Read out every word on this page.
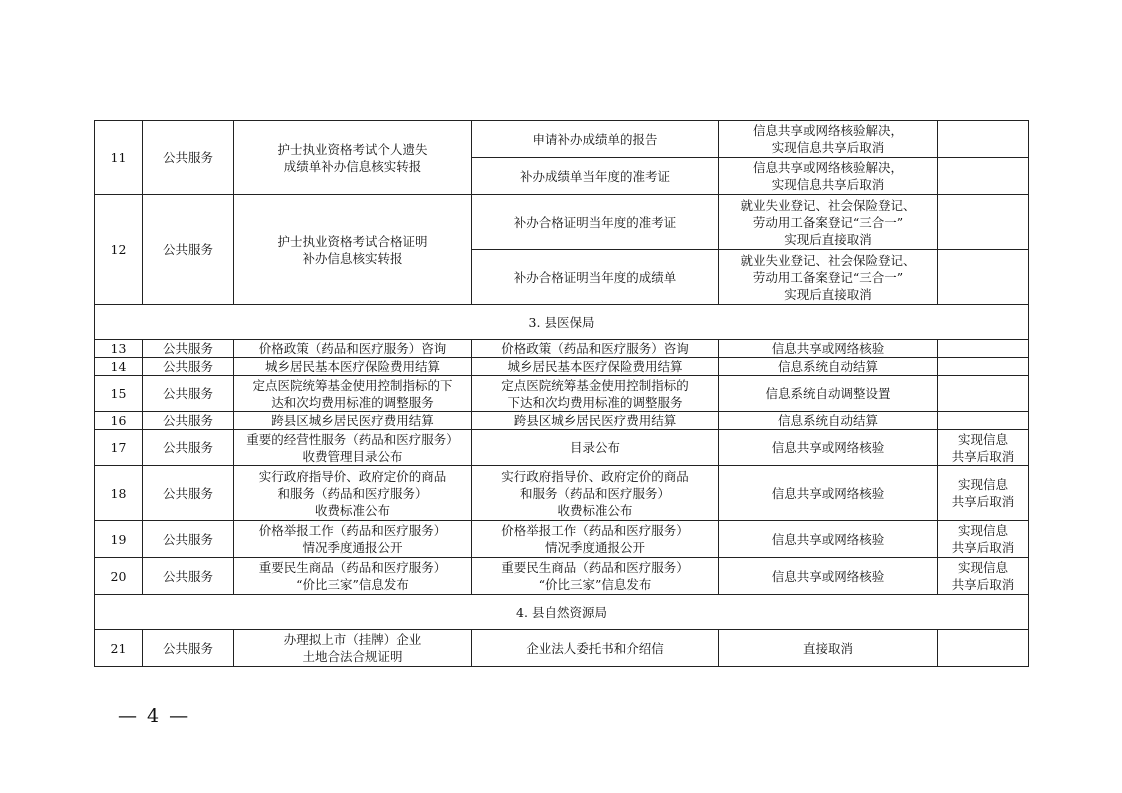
11	公共服务	护士执业资格考试个人遗失
成绩单补办信息核实转报	申请补办成绩单的报告	信息共享或网络核验解决，
实现信息共享后取消	

			补办成绩单当年度的准考证	信息共享或网络核验解决，
实现信息共享后取消	

12	公共服务	护士执业资格考试合格证明
补办信息核实转报	补办合格证明当年度的准考证	就业失业登记、社会保险登记、
劳动用工备案登记“三合一”
实现后直接取消	

			补办合格证明当年度的成绩单	就业失业登记、社会保险登记、
劳动用工备案登记“三合一”
实现后直接取消	

3. 县医保局					
13	公共服务	价格政策（药品和医疗服务）咨询	价格政策（药品和医疗服务）咨询	信息共享或网络核验	
14	公共服务	城乡居民基本医疗保险费用结算	城乡居民基本医疗保险费用结算	信息系统自动结算	
15	公共服务	定点医院统筹基金使用控制指标的下
达和次均费用标准的调整服务	定点医院统筹基金使用控制指标的
下达和次均费用标准的调整服务	信息系统自动调整设置	
16	公共服务	跨县区城乡居民医疗费用结算	跨县区城乡居民医疗费用结算	信息系统自动结算	
17	公共服务	重要的经营性服务（药品和医疗服务）
收费管理目录公布	目录公布	信息共享或网络核验	实现信息
共享后取消

18	公共服务	实行政府指导价、政府定价的商品
和服务（药品和医疗服务）
收费标准公布	实行政府指导价、政府定价的商品
和服务（药品和医疗服务）
收费标准公布	信息共享或网络核验	实现信息
共享后取消

19	公共服务	价格举报工作（药品和医疗服务）
情况季度通报公开	价格举报工作（药品和医疗服务）
情况季度通报公开	信息共享或网络核验	实现信息
共享后取消

20	公共服务	重要民生商品（药品和医疗服务）
“价比三家”信息发布	重要民生商品（药品和医疗服务）
“价比三家”信息发布	信息共享或网络核验	实现信息
共享后取消

4. 县自然资源局					
21	公共服务	办理拟上市（挂牌）企业
土地合法合规证明	企业法人委托书和介绍信	直接取消	
— 4 —
